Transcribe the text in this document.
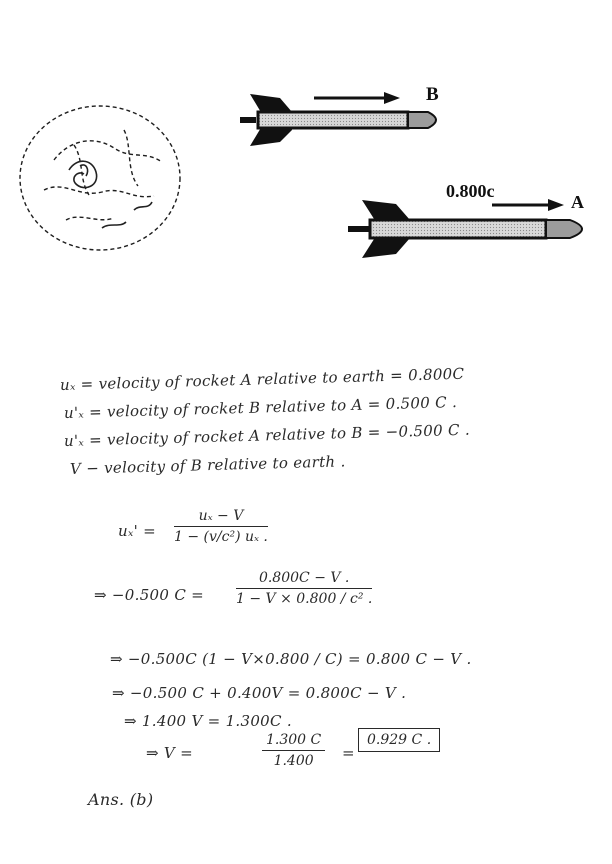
B
0.800c
A
uₓ = velocity of rocket A relative to earth = 0.800C
u'ₓ = velocity of rocket B relative to A = 0.500 C .
u'ₓ = velocity of rocket A relative to B = −0.500 C .
V − velocity of B relative to earth .
uₓ' =
uₓ − V
1 − (v/c²) uₓ .
⇒ −0.500 C =
0.800C − V .
1 − V × 0.800 / c² .
⇒ −0.500C (1 − V×0.800 / C) = 0.800 C − V .
⇒ −0.500 C + 0.400V = 0.800C − V .
⇒ 1.400 V = 1.300C .
⇒ V =
1.300 C
1.400	=
0.929 C .
Ans. (b)
